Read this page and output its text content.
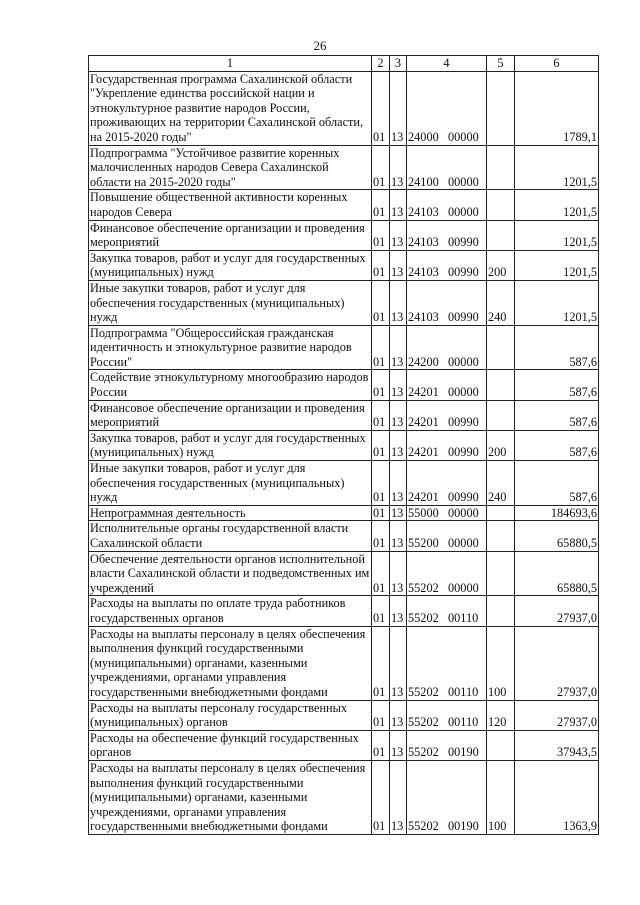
26
1	2	3	4	5	6
Государственная программа Сахалинской области "Укрепление единства российской нации и этнокультурное развитие народов России, проживающих на территории Сахалинской области, на 2015-2020 годы"	01	13	24000 00000		1789,1
Подпрограмма "Устойчивое развитие коренных малочисленных народов Севера Сахалинской области на 2015-2020 годы"	01	13	24100 00000		1201,5
Повышение общественной активности коренных народов Севера	01	13	24103 00000		1201,5
Финансовое обеспечение организации и проведения мероприятий	01	13	24103 00990		1201,5
Закупка товаров, работ и услуг для государственных (муниципальных) нужд	01	13	24103 00990	200	1201,5
Иные закупки товаров, работ и услуг для обеспечения государственных (муниципальных) нужд	01	13	24103 00990	240	1201,5
Подпрограмма "Общероссийская гражданская идентичность и этнокультурное развитие народов России"	01	13	24200 00000		587,6
Содействие этнокультурному многообразию народов России	01	13	24201 00000		587,6
Финансовое обеспечение организации и проведения мероприятий	01	13	24201 00990		587,6
Закупка товаров, работ и услуг для государственных (муниципальных) нужд	01	13	24201 00990	200	587,6
Иные закупки товаров, работ и услуг для обеспечения государственных (муниципальных) нужд	01	13	24201 00990	240	587,6
Непрограммная деятельность	01	13	55000 00000		184693,6
Исполнительные органы государственной власти Сахалинской области	01	13	55200 00000		65880,5
Обеспечение деятельности органов исполнительной власти Сахалинской области и подведомственных им учреждений	01	13	55202 00000		65880,5
Расходы на выплаты по оплате труда работников государственных органов	01	13	55202 00110		27937,0
Расходы на выплаты персоналу в целях обеспечения выполнения функций государственными (муниципальными) органами, казенными учреждениями, органами управления государственными внебюджетными фондами	01	13	55202 00110	100	27937,0
Расходы на выплаты персоналу государственных (муниципальных) органов	01	13	55202 00110	120	27937,0
Расходы на обеспечение функций государственных органов	01	13	55202 00190		37943,5
Расходы на выплаты персоналу в целях обеспечения выполнения функций государственными (муниципальными) органами, казенными учреждениями, органами управления государственными внебюджетными фондами	01	13	55202 00190	100	1363,9
